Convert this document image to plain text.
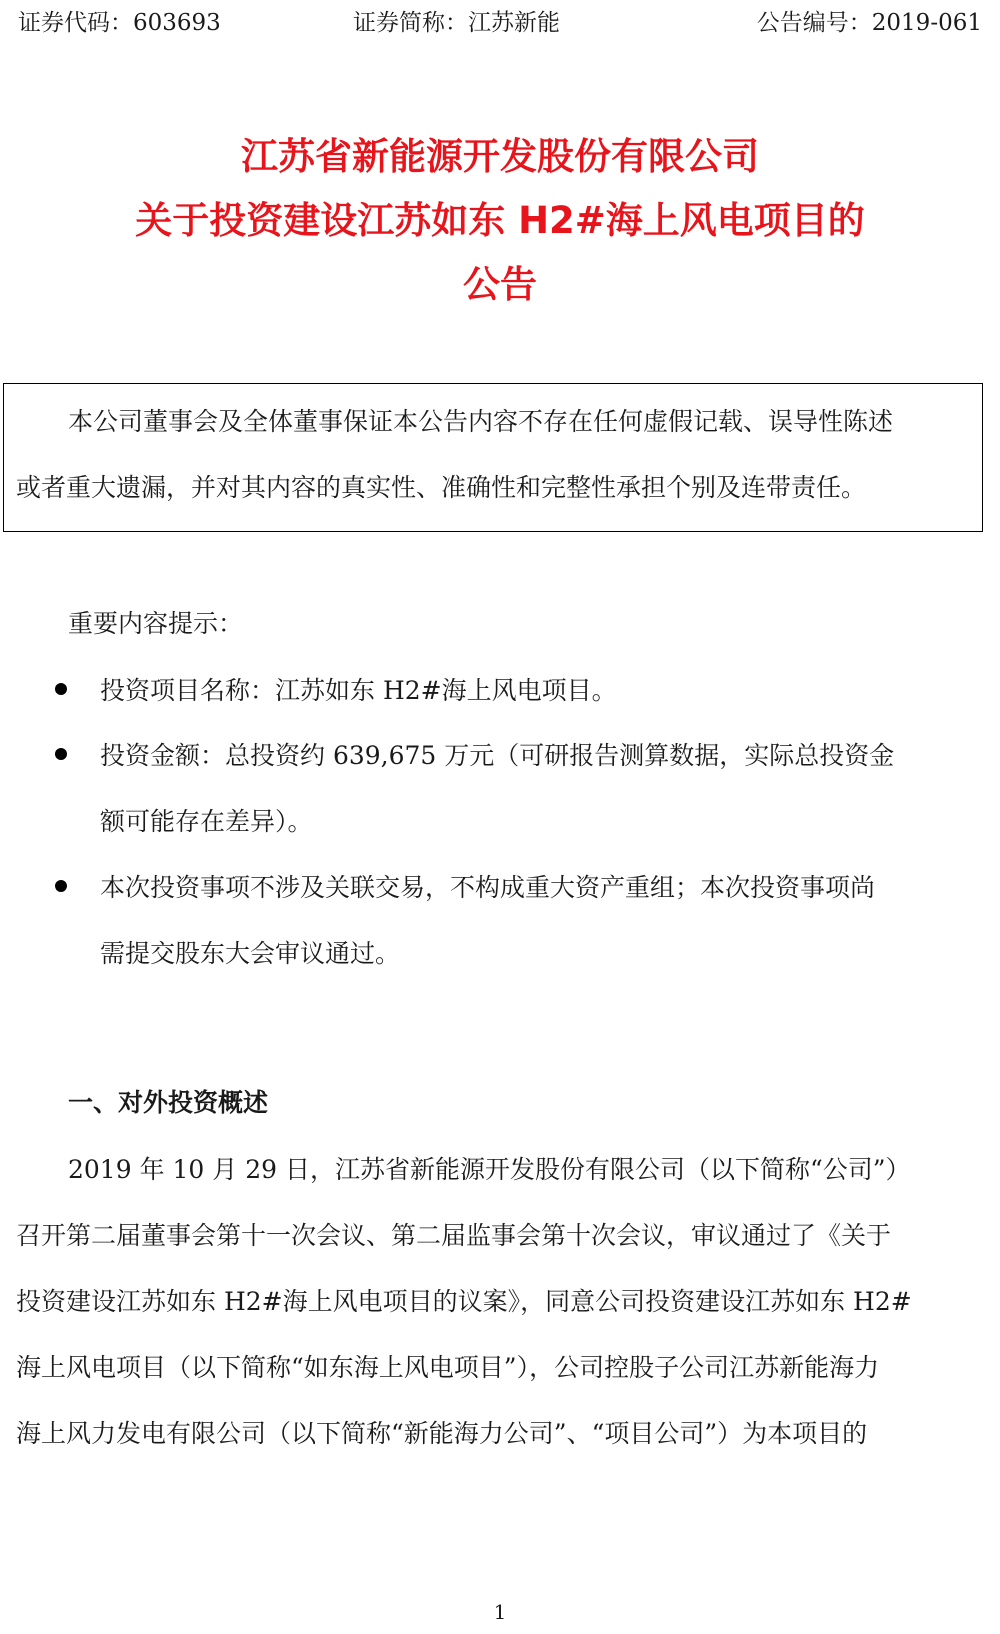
证券代码：603693	证券简称：江苏新能	公告编号：2019-061
江苏省新能源开发股份有限公司
关于投资建设江苏如东 H2#海上风电项目的
公告
本公司董事会及全体董事保证本公告内容不存在任何虚假记载、误导性陈述
或者重大遗漏，并对其内容的真实性、准确性和完整性承担个别及连带责任。
重要内容提示：
投资项目名称：江苏如东 H2#海上风电项目。
投资金额：总投资约 639,675 万元（可研报告测算数据，实际总投资金
额可能存在差异）。
本次投资事项不涉及关联交易，不构成重大资产重组；本次投资事项尚
需提交股东大会审议通过。
一、对外投资概述
2019 年 10 月 29 日，江苏省新能源开发股份有限公司（以下简称“公司”）
召开第二届董事会第十一次会议、第二届监事会第十次会议，审议通过了《关于
投资建设江苏如东 H2#海上风电项目的议案》，同意公司投资建设江苏如东 H2#
海上风电项目（以下简称“如东海上风电项目”），公司控股子公司江苏新能海力
海上风力发电有限公司（以下简称“新能海力公司”、“项目公司”）为本项目的
1
